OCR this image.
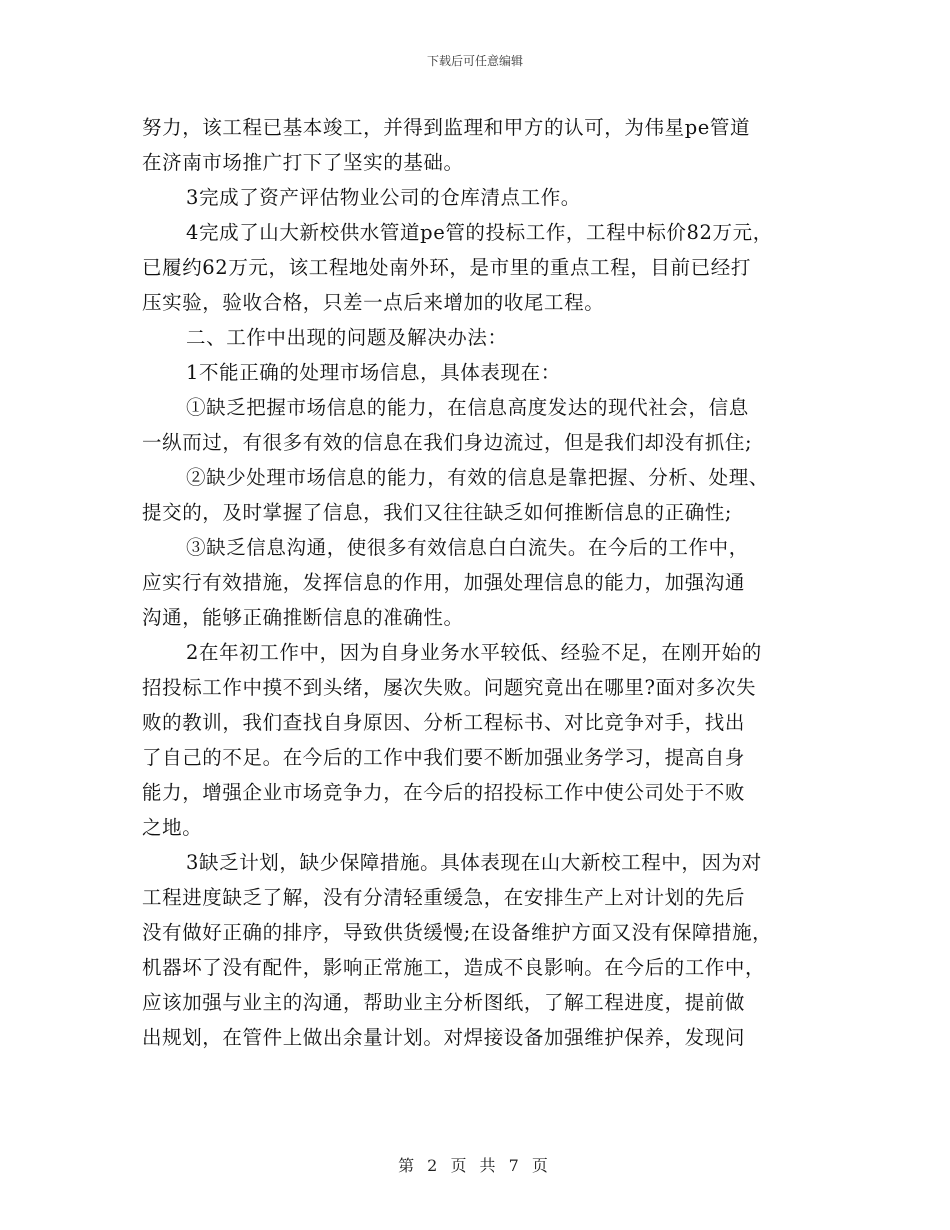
下载后可任意编辑
努力，该工程已基本竣工，并得到监理和甲方的认可，为伟星pe管道
在济南市场推广打下了坚实的基础。
3完成了资产评估物业公司的仓库清点工作。
4完成了山大新校供水管道pe管的投标工作，工程中标价82万元，
已履约62万元，该工程地处南外环，是市里的重点工程，目前已经打
压实验，验收合格，只差一点后来增加的收尾工程。
二、工作中出现的问题及解决办法：
1不能正确的处理市场信息，具体表现在：
①缺乏把握市场信息的能力，在信息高度发达的现代社会，信息
一纵而过，有很多有效的信息在我们身边流过，但是我们却没有抓住;
②缺少处理市场信息的能力，有效的信息是靠把握、分析、处理、
提交的，及时掌握了信息，我们又往往缺乏如何推断信息的正确性;
③缺乏信息沟通，使很多有效信息白白流失。在今后的工作中，
应实行有效措施，发挥信息的作用，加强处理信息的能力，加强沟通
沟通，能够正确推断信息的准确性。
2在年初工作中，因为自身业务水平较低、经验不足，在刚开始的
招投标工作中摸不到头绪，屡次失败。问题究竟出在哪里?面对多次失
败的教训，我们查找自身原因、分析工程标书、对比竞争对手，找出
了自己的不足。在今后的工作中我们要不断加强业务学习，提高自身
能力，增强企业市场竞争力，在今后的招投标工作中使公司处于不败
之地。
3缺乏计划，缺少保障措施。具体表现在山大新校工程中，因为对
工程进度缺乏了解，没有分清轻重缓急，在安排生产上对计划的先后
没有做好正确的排序，导致供货缓慢;在设备维护方面又没有保障措施，
机器坏了没有配件，影响正常施工，造成不良影响。在今后的工作中，
应该加强与业主的沟通，帮助业主分析图纸，了解工程进度，提前做
出规划，在管件上做出余量计划。对焊接设备加强维护保养，发现问
第 2 页 共 7 页
